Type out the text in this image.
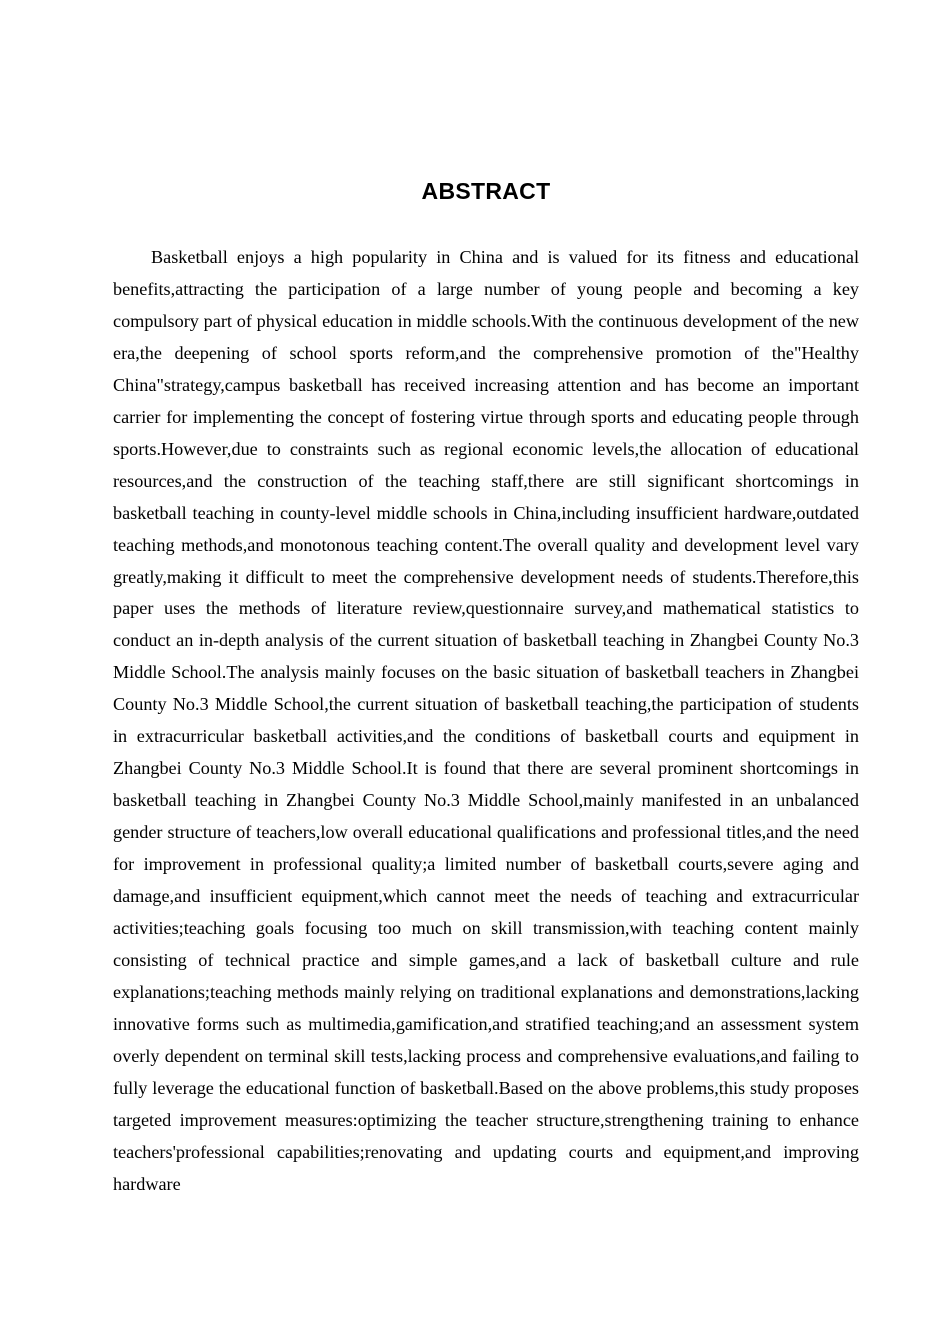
ABSTRACT

Basketball enjoys a high popularity in China and is valued for its fitness and educational benefits,attracting the participation of a large number of young people and becoming a key compulsory part of physical education in middle schools.With the continuous development of the new era,the deepening of school sports reform,and the comprehensive promotion of the"Healthy China"strategy,campus basketball has received increasing attention and has become an important carrier for implementing the concept of fostering virtue through sports and educating people through sports.However,due to constraints such as regional economic levels,the allocation of educational resources,and the construction of the teaching staff,there are still significant shortcomings in basketball teaching in county-level middle schools in China,including insufficient hardware,outdated teaching methods,and monotonous teaching content.The overall quality and development level vary greatly,making it difficult to meet the comprehensive development needs of students.Therefore,this paper uses the methods of literature review,questionnaire survey,and mathematical statistics to conduct an in-depth analysis of the current situation of basketball teaching in Zhangbei County No.3 Middle School.The analysis mainly focuses on the basic situation of basketball teachers in Zhangbei County No.3 Middle School,the current situation of basketball teaching,the participation of students in extracurricular basketball activities,and the conditions of basketball courts and equipment in Zhangbei County No.3 Middle School.It is found that there are several prominent shortcomings in basketball teaching in Zhangbei County No.3 Middle School,mainly manifested in an unbalanced gender structure of teachers,low overall educational qualifications and professional titles,and the need for improvement in professional quality;a limited number of basketball courts,severe aging and damage,and insufficient equipment,which cannot meet the needs of teaching and extracurricular activities;teaching goals focusing too much on skill transmission,with teaching content mainly consisting of technical practice and simple games,and a lack of basketball culture and rule explanations;teaching methods mainly relying on traditional explanations and demonstrations,lacking innovative forms such as multimedia,gamification,and stratified teaching;and an assessment system overly dependent on terminal skill tests,lacking process and comprehensive evaluations,and failing to fully leverage the educational function of basketball.Based on the above problems,this study proposes targeted improvement measures:optimizing the teacher structure,strengthening training to enhance teachers'professional capabilities;renovating and updating courts and equipment,and improving hardware
